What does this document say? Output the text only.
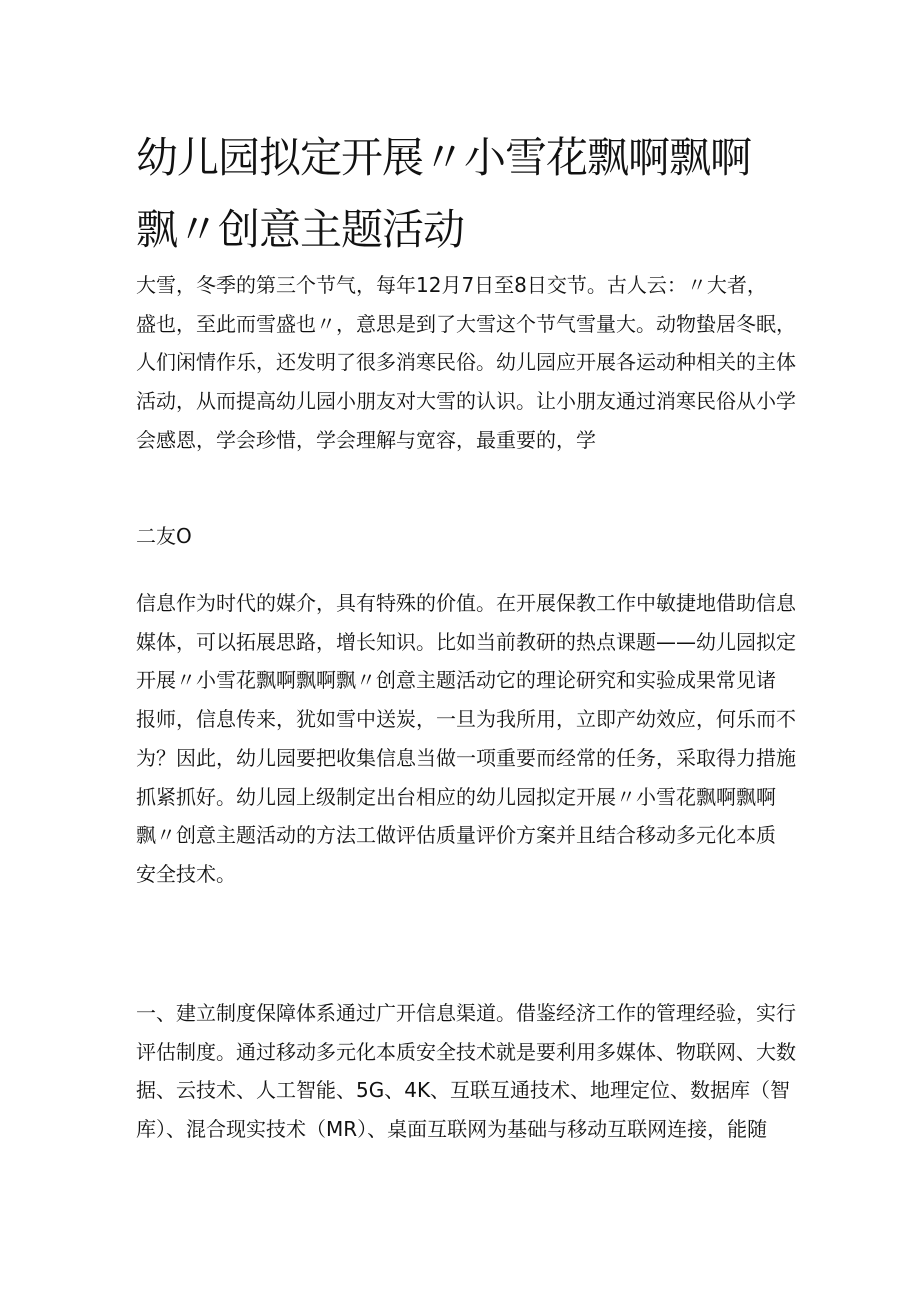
幼儿园拟定开展〃小雪花飘啊飘啊
飘〃创意主题活动

大雪，冬季的第三个节气，每年12月7日至8日交节。古人云：〃大者，
盛也，至此而雪盛也〃，意思是到了大雪这个节气雪量大。动物蛰居冬眠，
人们闲情作乐，还发明了很多消寒民俗。幼儿园应开展各运动种相关的主体
活动，从而提高幼儿园小朋友对大雪的认识。让小朋友通过消寒民俗从小学
会感恩，学会珍惜，学会理解与宽容，最重要的，学

二友O

信息作为时代的媒介，具有特殊的价值。在开展保教工作中敏捷地借助信息
媒体，可以拓展思路，增长知识。比如当前教研的热点课题——幼儿园拟定
开展〃小雪花飘啊飘啊飘〃创意主题活动它的理论研究和实验成果常见诸
报师，信息传来，犹如雪中送炭，一旦为我所用，立即产幼效应，何乐而不
为？因此，幼儿园要把收集信息当做一项重要而经常的任务，采取得力措施
抓紧抓好。幼儿园上级制定出台相应的幼儿园拟定开展〃小雪花飘啊飘啊
飘〃创意主题活动的方法工做评估质量评价方案并且结合移动多元化本质
安全技术。

一、建立制度保障体系通过广开信息渠道。借鉴经济工作的管理经验，实行
评估制度。通过移动多元化本质安全技术就是要利用多媒体、物联网、大数
据、云技术、人工智能、5G、4K、互联互通技术、地理定位、数据库（智
库）、混合现实技术（MR）、桌面互联网为基础与移动互联网连接，能随
